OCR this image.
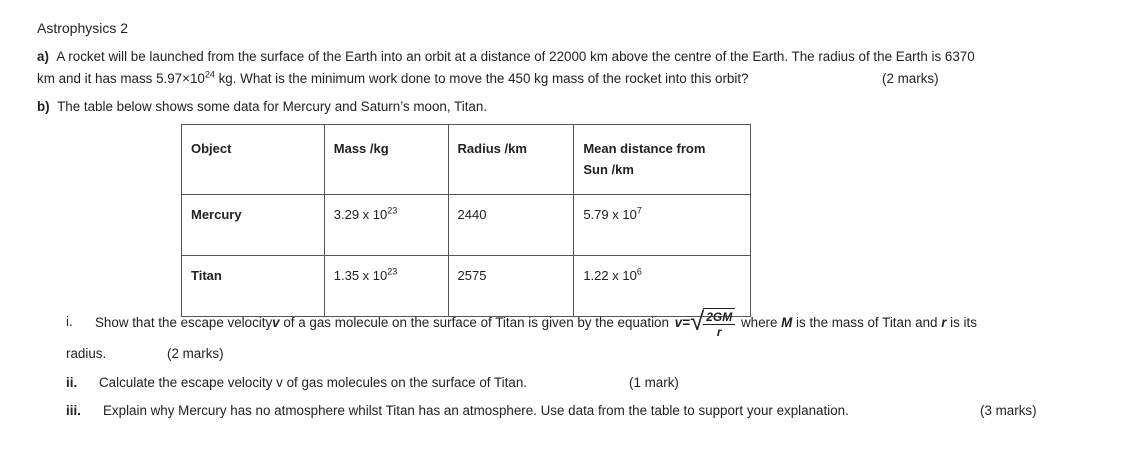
Astrophysics 2
a) A rocket will be launched from the surface of the Earth into an orbit at a distance of 22000 km above the centre of the Earth. The radius of the Earth is 6370
km and it has mass $5.97\times 10^{24}$ kg. What is the minimum work done to move the 450 kg mass of the rocket into this orbit?	(2 marks)
b) The table below shows some data for Mercury and Saturn’s moon, Titan.
Object	Mass /kg	Radius /km	Mean distance from
Sun /km
Mercury	3.29 x $10^{23}$	2440	5.79 x $10^7$
Titan	1.35 x $10^{23}$	2575	1.22 x $10^6$
i. Show that the escape velocity v of a gas molecule on the surface of Titan is given by the equation v= √ $\frac{2GM}{r}$ where M is the mass of Titan and r is its
radius.	(2 marks)
ii. Calculate the escape velocity v of gas molecules on the surface of Titan.	(1 mark)
iii. Explain why Mercury has no atmosphere whilst Titan has an atmosphere. Use data from the table to support your explanation.	(3 marks)
